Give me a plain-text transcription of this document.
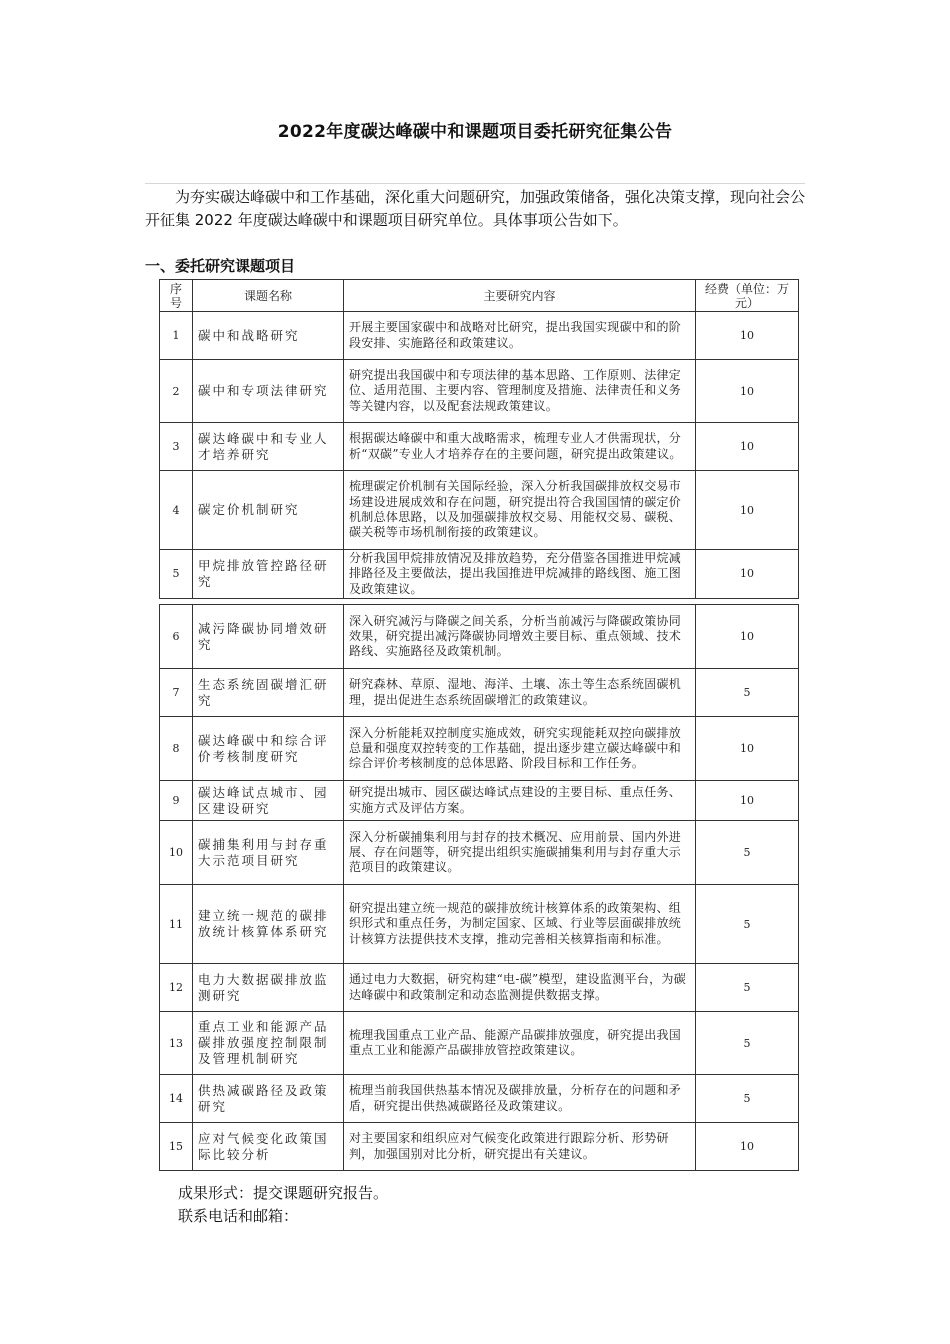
2022年度碳达峰碳中和课题项目委托研究征集公告
为夯实碳达峰碳中和工作基础，深化重大问题研究，加强政策储备，强化决策支撑，现向社会公开征集 2022 年度碳达峰碳中和课题项目研究单位。具体事项公告如下。
一、委托研究课题项目
序号	课题名称	主要研究内容	经费（单位：万元）
1	碳中和战略研究	开展主要国家碳中和战略对比研究，提出我国实现碳中和的阶段安排、实施路径和政策建议。	10
2	碳中和专项法律研究	研究提出我国碳中和专项法律的基本思路、工作原则、法律定位、适用范围、主要内容、管理制度及措施、法律责任和义务等关键内容，以及配套法规政策建议。	10
3	碳达峰碳中和专业人才培养研究	根据碳达峰碳中和重大战略需求，梳理专业人才供需现状，分析“双碳”专业人才培养存在的主要问题，研究提出政策建议。	10
4	碳定价机制研究	梳理碳定价机制有关国际经验，深入分析我国碳排放权交易市场建设进展成效和存在问题，研究提出符合我国国情的碳定价机制总体思路，以及加强碳排放权交易、用能权交易、碳税、碳关税等市场机制衔接的政策建议。	10
5	甲烷排放管控路径研究	分析我国甲烷排放情况及排放趋势，充分借鉴各国推进甲烷减排路径及主要做法，提出我国推进甲烷减排的路线图、施工图及政策建议。	10
6	减污降碳协同增效研究	深入研究减污与降碳之间关系，分析当前减污与降碳政策协同效果，研究提出减污降碳协同增效主要目标、重点领域、技术路线、实施路径及政策机制。	10
7	生态系统固碳增汇研究	研究森林、草原、湿地、海洋、土壤、冻土等生态系统固碳机理，提出促进生态系统固碳增汇的政策建议。	5
8	碳达峰碳中和综合评价考核制度研究	深入分析能耗双控制度实施成效，研究实现能耗双控向碳排放总量和强度双控转变的工作基础，提出逐步建立碳达峰碳中和综合评价考核制度的总体思路、阶段目标和工作任务。	10
9	碳达峰试点城市、园区建设研究	研究提出城市、园区碳达峰试点建设的主要目标、重点任务、实施方式及评估方案。	10
10	碳捕集利用与封存重大示范项目研究	深入分析碳捕集利用与封存的技术概况、应用前景、国内外进展、存在问题等，研究提出组织实施碳捕集利用与封存重大示范项目的政策建议。	5
11	建立统一规范的碳排放统计核算体系研究	研究提出建立统一规范的碳排放统计核算体系的政策架构、组织形式和重点任务，为制定国家、区域、行业等层面碳排放统计核算方法提供技术支撑，推动完善相关核算指南和标准。	5
12	电力大数据碳排放监测研究	通过电力大数据，研究构建“电-碳”模型，建设监测平台，为碳达峰碳中和政策制定和动态监测提供数据支撑。	5
13	重点工业和能源产品碳排放强度控制限制及管理机制研究	梳理我国重点工业产品、能源产品碳排放强度，研究提出我国重点工业和能源产品碳排放管控政策建议。	5
14	供热减碳路径及政策研究	梳理当前我国供热基本情况及碳排放量，分析存在的问题和矛盾，研究提出供热减碳路径及政策建议。	5
15	应对气候变化政策国际比较分析	对主要国家和组织应对气候变化政策进行跟踪分析、形势研判，加强国别对比分析，研究提出有关建议。	10
成果形式：提交课题研究报告。
联系电话和邮箱：
